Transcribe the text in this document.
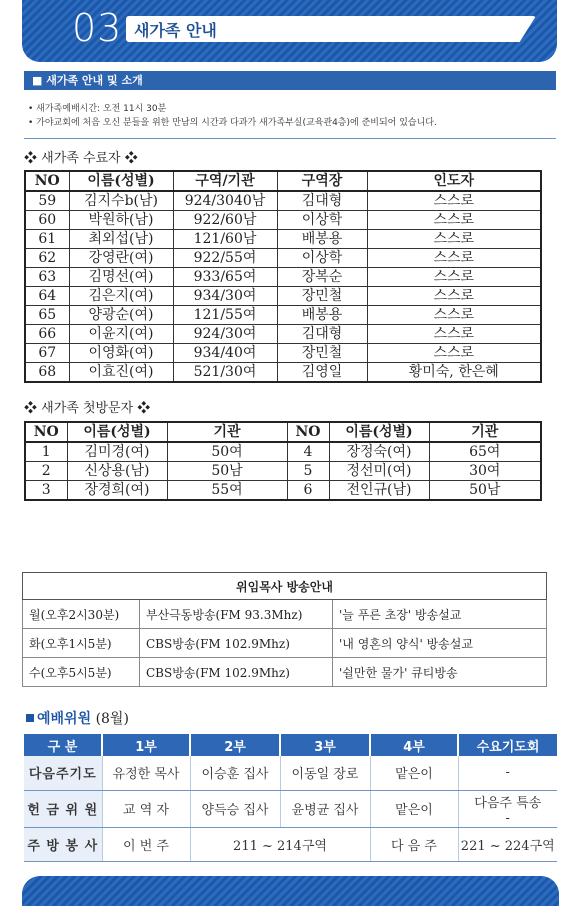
03 새가족 안내
■ 새가족 안내 및 소개
• 새가족예배시간: 오전 11시 30분
• 가야교회에 처음 오신 분들을 위한 만남의 시간과 다과가 새가족부실(교육관4층)에 준비되어 있습니다.
❖ 새가족 수료자 ❖
NO	이름(성별)	구역/기관	구역장	인도자
59	김지수b(남)	924/3040남	김대형	스스로
60	박원하(남)	922/60남	이상학	스스로
61	최외섭(남)	121/60남	배봉용	스스로
62	강영란(여)	922/55여	이상학	스스로
63	김명선(여)	933/65여	장복순	스스로
64	김은지(여)	934/30여	장민철	스스로
65	양광순(여)	121/55여	배봉용	스스로
66	이윤지(여)	924/30여	김대형	스스로
67	이영화(여)	934/40여	장민철	스스로
68	이효진(여)	521/30여	김영일	황미숙, 한은혜
❖ 새가족 첫방문자 ❖
NO	이름(성별)	기관	NO	이름(성별)	기관
1	김미경(여)	50여	4	장정숙(여)	65여
2	신상용(남)	50남	5	정선미(여)	30여
3	장경희(여)	55여	6	전인규(남)	50남
위임목사 방송안내		
월(오후2시30분)	부산극동방송(FM 93.3Mhz)	'늘 푸른 초장' 방송설교
화(오후1시5분)	CBS방송(FM 102.9Mhz)	'내 영혼의 양식' 방송설교
수(오후5시5분)	CBS방송(FM 102.9Mhz)	'쉴만한 물가' 큐티방송
예배위원 (8월)
구 분	1부	2부	3부	4부	수요기도회
다음주기도	유정한 목사	이승훈 집사	이동일 장로	맡은이	-
헌 금 위 원	교 역 자	양득승 집사	윤병균 집사	맡은이	다음주 특송
-
주 방 봉 사	이 번 주	211 ~ 214구역		다 음 주	221 ~ 224구역
